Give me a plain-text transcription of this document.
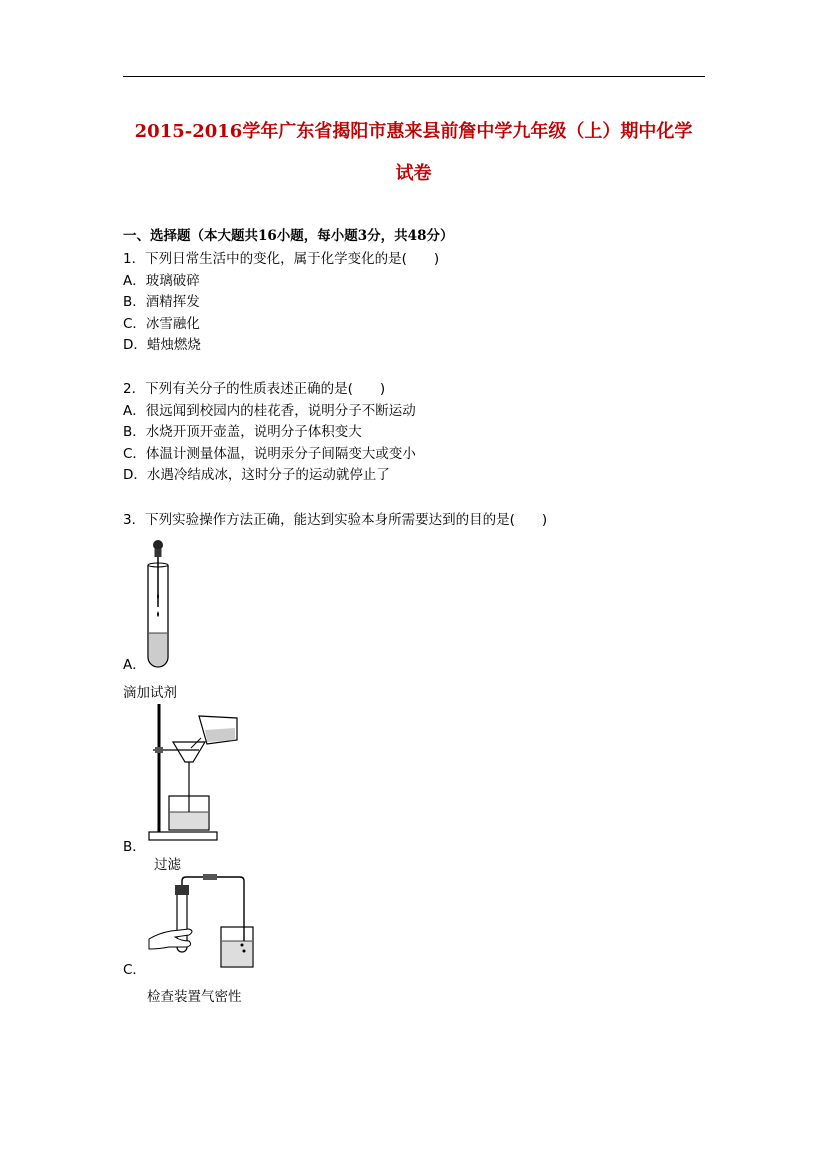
2015-2016学年广东省揭阳市惠来县前詹中学九年级（上）期中化学
试卷
一、选择题（本大题共16小题，每小题3分，共48分）
1．下列日常生活中的变化，属于化学变化的是(　　)
A．玻璃破碎
B．酒精挥发
C．冰雪融化
D．蜡烛燃烧
2．下列有关分子的性质表述正确的是(　　)
A．很远闻到校园内的桂花香，说明分子不断运动
B．水烧开顶开壶盖，说明分子体积变大
C．体温计测量体温，说明汞分子间隔变大或变小
D．水遇冷结成冰，这时分子的运动就停止了
3．下列实验操作方法正确，能达到实验本身所需要达到的目的是(　　)
A．
滴加试剂
B．
过滤
C．
检查装置气密性
